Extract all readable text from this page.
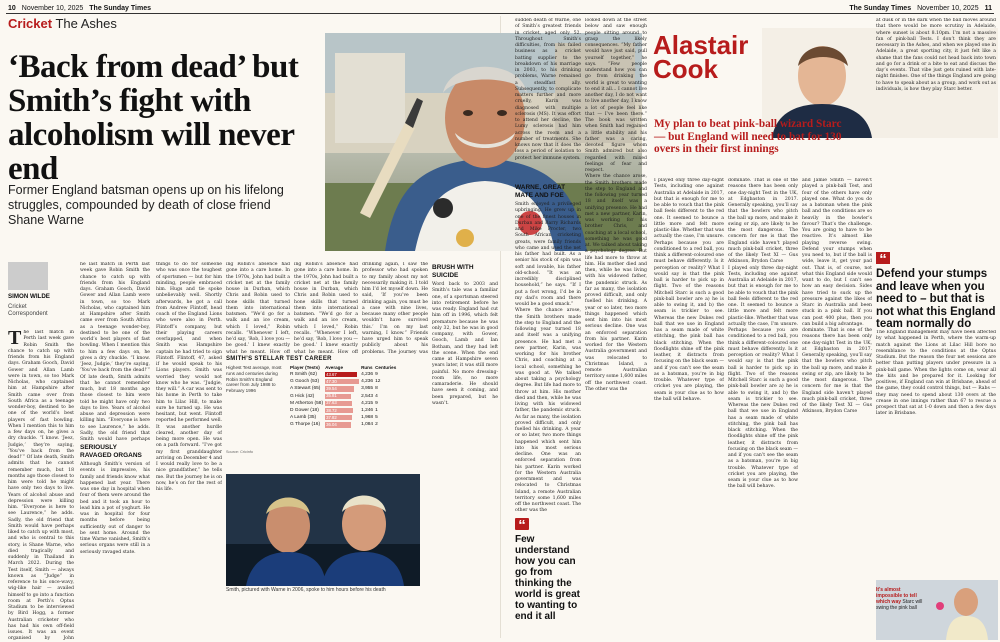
10 November 10, 2025 The Sunday Times	The Sunday Times November 10, 2025 11
Cricket The Ashes
‘Back from dead’ but Smith’s fight with alcoholism will never end

Former England batsman opens up on his lifelong struggles, compounded by death of close friend Shane Warne

SIMON WILDE
Cricket Correspondent
T he last match in Perth last week gave Robin Smith the chance to catch up with friends from his England days. Graham Gooch, David Gower and Allan Lamb were in town, so too Mark Nicholas, who captained him at Hampshire after Smith came over from South Africa as a teenage wonder-boy, destined to be one of the world’s best players of fast bowling. When I mention this to him a few days on, he gives a dry chuckle. “I know. ‘Jeez, Judgie,’ they’re saying, ‘You’ve back from the dead!’” Of late death, Smith admits that he cannot remember much, but 18 months ago those closest to him were told he might have only two days to live. Years of alcohol abuse and depression were killing him. “Everyone is here to see Laurence,” he adds. Sadly, the old friend that Smith would have perhaps liked to catch up with most, and who is central to this story, is Shane Warne, who died tragically and suddenly in Thailand in March 2022. During the Test itself, Smith — always known as “Judge” in reference to his once-wavy, wig-like hair — availed himself to go into a function room at Perth’s Optus Stadium to be interviewed by Bird Hogg, a former Australian cricketer who has had his own off-field issues. It was an event organised by John

he last match in Perth last week gave Robin Smith the chance to catch up with friends from his England days. Graham Gooch, David Gower and Allan Lamb were in town, so too Mark Nicholas, who captained him at Hampshire after Smith came over from South Africa as a teenage wonder-boy, destined to be one of the world’s best players of fast bowling. When I mention this to him a few days on, he gives a dry chuckle. “I know. ‘Jeez, Judgie,’ they’re saying, ‘You’ve back from the dead!’” Of late death, Smith admits that he cannot remember much, but 18 months ago those closest to him were told he might have only two days to live. Years of alcohol abuse and depression were killing him. “Everyone is here to see Laurence,” he adds. Sadly, the old friend that Smith would have perhaps

SERIOUSLY RAVAGED ORGANS

Although Smith’s version of events is impressive, his family and friends know what happened last year. There was one day in hospital when four of them were around the bed and it took an hour to lead him a pot of yoghurt. He was in hospital for four months before being sufficiently out of danger to be sent home. Around the time Warne vanished, Smith’s serious organs were still in a seriously ravaged state.

things to do for someone who was once the toughest of sportsmen — but for him minding, people embraced him. Hugs and tie spoke unbelievably well. Shortly afterwards, he got a call from Andrew Flintoff, head coach of the England Lions who were also in Perth. Flintoff’s company, but their playing careers overlapped, and when Smith was Hampshire captain he had tried to sign Flintoff. Flintoff, 47, asked if he would speak to his Lions players. Smith was worried they would not know who he was. “Judgie, they will.” A car was sent to his home in Perth to take him to Lilac Hill, to make sure he turned up. He was hesitant, but went. Flintoff reported he performed well. It was another hurdle cleared, another day of being more open. He was on a path forward. “I’ve got my first granddaughter arriving on December 4 and I would really love to be a nice grandfather,” he tells me. But the journey he is on now, he’s on for the rest of his life.

ing Robin’s absence had gone into a care home. In the 1970s, John had built a cricket net at the family house in Durban, which Chris and Robin used to hone skills that turned them into international batsmen. “We’d go for a walk and an ice cream, which I loved,” Robin recalls. “Whenever I left, he’d say, ‘Rob, I love you — be good.’ I knew exactly what he meant. How off

ing Robin’s absence had gone into a care home. In the 1970s, John had built a cricket net at the family house in Durban, which Chris and Robin used to hone skills that turned them into international batsmen. “We’d go for a walk and an ice cream, which I loved,” Robin recalls. “Whenever I left, he’d say, ‘Rob, I love you — be good.’ I knew exactly what he meant. How off

drinking again, I saw the professor who had spoken to my family about my not necessarily making it. I told him I’d let myself down. He said, ‘If you’ve been drinking again, you must be a case with nine lives, because many other people wouldn’t have survived this.’ I’m on my last warning, I know.” Friends have urged him to speak publicly about his problems. The journey was

SMITH’S STELLAR TEST CAREER
Highest Test average, most runs and centuries during Robin Smith’s England career from July 1988 to February 1996
Source: Cricinfo
Player (Tests)	Average	Runs	Centuries
R Smith (62)	43.67	4,236	9
G Gooch (53)	47.30	4,236	12
A Stewart (65)	39.54	3,955	8
G Hick (42)	35.81	2,543	4
M Atherton (58)	37.63	4,215	9
D Gower (18)	38.72	1,246	1
A Lamb (35)	37.82	1,968	5
G Thorpe (16)	36.04	1,084	2

Smith, pictured with Warne in 2006, spoke to him hours before his death

BRUSH WITH SUICIDE

Word back to 2003 and Smith’s tale was a familiar one, of a sportsman steered into retirement before he was ready. England had cut him off in 1996, which felt premature because he was only 32, but he was in good company, with Gower, Gooch, Lamb and Ian Botham, and they had left the scene. When the end came at Hampshire seven years later, it was still more painful. No more dressing-room life, no more camaraderie. He should have seen it coming, and been prepared, but he wasn’t.

sudden death of Warne, one of Smith’s greatest friends in cricket, aged only 52. Throughout Smith’s difficulties, from his failed business as a cricket batting supplier to the breakdown of his marriage in 2003, to his drinking problems, Warne remained a steadfast ally. Subsequently, to complicate matters further and more cruelly, Karin was diagnosed with multiple sclerosis (MS). It was effort to attend her decline, the Lumy sclerosis had him across the room and a number of treatments. She knows now that it does the loss a period of isolation to protect her immune system.

WARNE, GREAT MATE AND FOE

Smith enjoyed a privileged upbringing. He grew up in one of the finest houses in Durban and Barry Richards and Mike Procter, two South African cricketing greats, were family friends who came and used the net his father had built. As a senior his stock of spin was soft and lovable, his father old-school. “It was an incredibly disciplined household,” he says. “If I put a foot wrong, I’d be in my dad’s room and there would be a good smack.”

Where the chance arose, the Smith brothers made the step to England and the following year turned 18 and itself was a unifying presence. He had met a new partner, Karin, was working for his brother Chris, and coaching at a local school, something he was good at. We talked about taking a psychology degree. But life had more to throw at him. His mother died and then, while he was living with his widowed father, the pandemic struck. As far as many, the isolation proved difficult, and only fuelled his drinking. A year or so later, two more things happened which sent him into his most serious decline. One was an enforced separation from his partner. Karin worked for the Western Australia government and was relocated to Christmas Island, a remote Australian territory some 1,600 miles off the northwest coast. The other was the

looked down at the street below and saw enough people sitting around to grasp the likely consequences. “My father would have just said, pull yourself together,” he says. “Few people understand how you can go from drinking the world is great to wanting to end it all… I cannot live another day, I do not want to live another day, I know a lot of people feel like that — I’ve been there.” The book was written when Smith had regained a little stability and his father was a caring, devoted figure whom Smith admired but also regarded with mixed feelings of fear and respect.

Where the chance arose, the Smith brothers made the step to England and the following year turned 18 and itself was a unifying presence. He had met a new partner, Karin, was working for his brother Chris, and coaching at a local school, something he was good at. We talked about taking a psychology degree. But life had more to throw at him. His mother died and then, while he was living with his widowed father, the pandemic struck. As far as many, the isolation proved difficult, and only fuelled his drinking. A year or so later, two more things happened which sent him into his most serious decline. One was an enforced separation from his partner. Karin worked for the Western Australia government and was relocated to Christmas Island, a remote Australian territory some 1,600 miles off the northwest coast. The other was the

“
Few understand how you can go from thinking the world is great to wanting to end it all
Alastair
Cook
My plan to beat pink-ball wizard Starc — but England will need to bat for 130 overs in their first innings

I played only three day-night Tests, including one against Australia at Adelaide in 2017, but that is enough for me to be able to vouch that the pink ball feels different to the red one. It seemed to bounce a little more and felt more plastic-like. Whether that was actually the case, I’m unsure. Perhaps because you are conditioned to a red ball, you think a different-coloured one must behave differently. Is it perception or reality? What I would say is that the pink ball is harder to pick up in flight. Two of the reasons Mitchell Starc is such a good pink-ball bowler are a) he is able to swing it, and b) the seam is trickier to see. Whereas the new Dukes red ball that we use in England has a seam made of white stitching, the pink ball has black stitching. When the floodlights shine off the pink leather, it distracts from focusing on the black seam — and if you can’t see the seam as a batsman, you’re in big trouble. Whatever type of cricket you are playing, the seam is your clue as to how the ball will behave.

dominate. That is one of the reasons there has been only one day-night Test in the UK, at Edgbaston in 2017. Generally speaking, you’ll say that the bowlers who pitch the ball up more, and make it swing or zip, are likely to be the most dangerous. The concern for me is that the England side haven’t played much pink-ball cricket, three of the likely Test XI — Gus Atkinson, Brydon Carse

I played only three day-night Tests, including one against Australia at Adelaide in 2017, but that is enough for me to be able to vouch that the pink ball feels different to the red one. It seemed to bounce a little more and felt more plastic-like. Whether that was actually the case, I’m unsure. Perhaps because you are conditioned to a red ball, you think a different-coloured one must behave differently. Is it perception or reality? What I would say is that the pink ball is harder to pick up in flight. Two of the reasons Mitchell Starc is such a good pink-ball bowler are a) he is able to swing it, and b) the seam is trickier to see. Whereas the new Dukes red ball that we use in England has a seam made of white stitching, the pink ball has black stitching. When the floodlights shine off the pink leather, it distracts from focusing on the black seam — and if you can’t see the seam as a batsman, you’re in big trouble. Whatever type of cricket you are playing, the seam is your clue as to how the ball will behave.

and Jamie Smith — haven’t played a pink-ball Test, and four of the others have only played one. What do you do as a batsman when the pink ball and the conditions are so heavily in the bowler’s favour? That’s the challenge. You are going to have to be reactive. It’s almost like playing reverse swing. Defend your stumps when you need to, but if the ball is wide, leave it, get your pad out. That is, of course, not what this England side would want to do, but I can’t see how an easy decision. Sides have tried to suck up the pressure against the likes of Starc in Australia and been stuck in a pink ball. If you can post 400 plus, then you can build a big advantage.

dominate. That is one of the reasons there has been only one day-night Test in the UK, at Edgbaston in 2017. Generally speaking, you’ll say that the bowlers who pitch the ball up more, and make it swing or zip, are likely to be the most dangerous. The concern for me is that the England side haven’t played much pink-ball cricket, three of the likely Test XI — Gus Atkinson, Brydon Carse

at dusk or in the dark when the ball moves around that there would be more scrutiny in Adelaide, where sunset is about 8.10pm. I’m not a massive fan of pink-ball Tests. I don’t think they are necessary in the Ashes, and when we played one in Adelaide, a great sporting city, it just felt like a shame that the fans could not head back into town and go for a drink or a bite to eat and discuss the day’s events. That vibe just gets ruined with late-night finishes. One of the things England are going to have to speak about as a group, and work out as individuals, is how they play Starc better.

“
Defend your stumps and leave when you need to – but that is not what this England team normally do

The England management may have been affected by what happened in Perth, where the warm-up match against the Lions at Lilac Hill bore no resemblance to the conditions at the Optus Stadium. But the reason the four net sessions are better than putting players under pressure in a pink-ball game. When the lights come on, wear all the kits and be prepared for it. Looking for positives, if England can win at Brisbane, ahead of the game, they could control things, but — Rabs — they may need to spend about 130 overs at the crease in one innings rather than 67 to rescue a prospect that sat at 1-0 down and then a few days later in Brisbane.

It’s almost impossible to tell which way Starc will swing the pink ball
